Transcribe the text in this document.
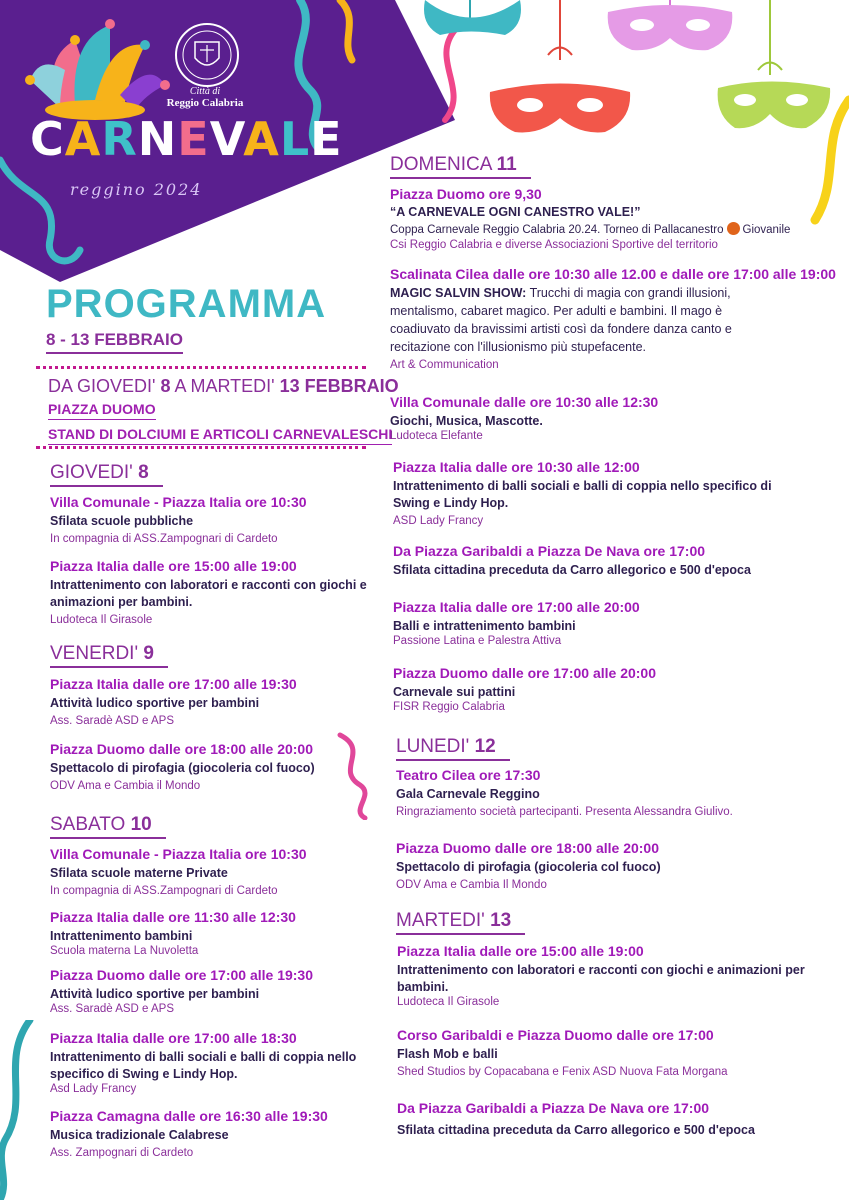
Città di
Reggio Calabria
CARNEVALE
reggino 2024
PROGRAMMA
8 - 13 FEBBRAIO
DA GIOVEDI' 8 A MARTEDI' 13 FEBBRAIO
PIAZZA DUOMO
STAND DI DOLCIUMI E ARTICOLI CARNEVALESCHI
GIOVEDI' 8
Villa Comunale - Piazza Italia ore 10:30
Sfilata scuole pubbliche
In compagnia di ASS.Zampognari di Cardeto
Piazza Italia dalle ore 15:00 alle 19:00
Intrattenimento con laboratori e racconti con giochi e animazioni per bambini.
Ludoteca Il Girasole
VENERDI' 9
Piazza Italia dalle ore 17:00 alle 19:30
Attività ludico sportive per bambini
Ass. Saradè ASD e APS
Piazza Duomo dalle ore 18:00 alle 20:00
Spettacolo di pirofagia (giocoleria col fuoco)
ODV Ama e Cambia il Mondo
SABATO 10
Villa Comunale - Piazza Italia ore 10:30
Sfilata scuole materne Private
In compagnia di ASS.Zampognari di Cardeto
Piazza Italia dalle ore 11:30 alle 12:30
Intrattenimento bambini
Scuola materna La Nuvoletta
Piazza Duomo dalle ore 17:00 alle 19:30
Attività ludico sportive per bambini
Ass. Saradè ASD e APS
Piazza Italia dalle ore 17:00 alle 18:30
Intrattenimento di balli sociali e balli di coppia nello specifico di Swing e Lindy Hop.
Asd Lady Francy
Piazza Camagna dalle ore 16:30 alle 19:30
Musica tradizionale Calabrese
Ass. Zampognari di Cardeto
DOMENICA 11
Piazza Duomo ore 9,30
“A CARNEVALE OGNI CANESTRO VALE!”
Coppa Carnevale Reggio Calabria 20.24. Torneo di Pallacanestro Giovanile
Csi Reggio Calabria e diverse Associazioni Sportive del territorio
Scalinata Cilea dalle ore 10:30 alle 12.00 e dalle ore 17:00 alle 19:00
MAGIC SALVIN SHOW: Trucchi di magia con grandi illusioni, mentalismo, cabaret magico. Per adulti e bambini. Il mago è coadiuvato da bravissimi artisti così da fondere danza canto e recitazione con l'illusionismo più stupefacente.
Art & Communication
Villa Comunale dalle ore 10:30 alle 12:30
Giochi, Musica, Mascotte.
Ludoteca Elefante
Piazza Italia dalle ore 10:30 alle 12:00
Intrattenimento di balli sociali e balli di coppia nello specifico di Swing e Lindy Hop.
ASD Lady Francy
Da Piazza Garibaldi a Piazza De Nava ore 17:00
Sfilata cittadina preceduta da Carro allegorico e 500 d'epoca
Piazza Italia dalle ore 17:00 alle 20:00
Balli e intrattenimento bambini
Passione Latina e Palestra Attiva
Piazza Duomo dalle ore 17:00 alle 20:00
Carnevale sui pattini
FISR Reggio Calabria
LUNEDI' 12
Teatro Cilea ore 17:30
Gala Carnevale Reggino
Ringraziamento società partecipanti. Presenta Alessandra Giulivo.
Piazza Duomo dalle ore 18:00 alle 20:00
Spettacolo di pirofagia (giocoleria col fuoco)
ODV Ama e Cambia Il Mondo
MARTEDI' 13
Piazza Italia dalle ore 15:00 alle 19:00
Intrattenimento con laboratori e racconti con giochi e animazioni per bambini.
Ludoteca Il Girasole
Corso Garibaldi e Piazza Duomo dalle ore 17:00
Flash Mob e balli
Shed Studios by Copacabana e Fenix ASD Nuova Fata Morgana
Da Piazza Garibaldi a Piazza De Nava ore 17:00
Sfilata cittadina preceduta da Carro allegorico e 500 d'epoca
